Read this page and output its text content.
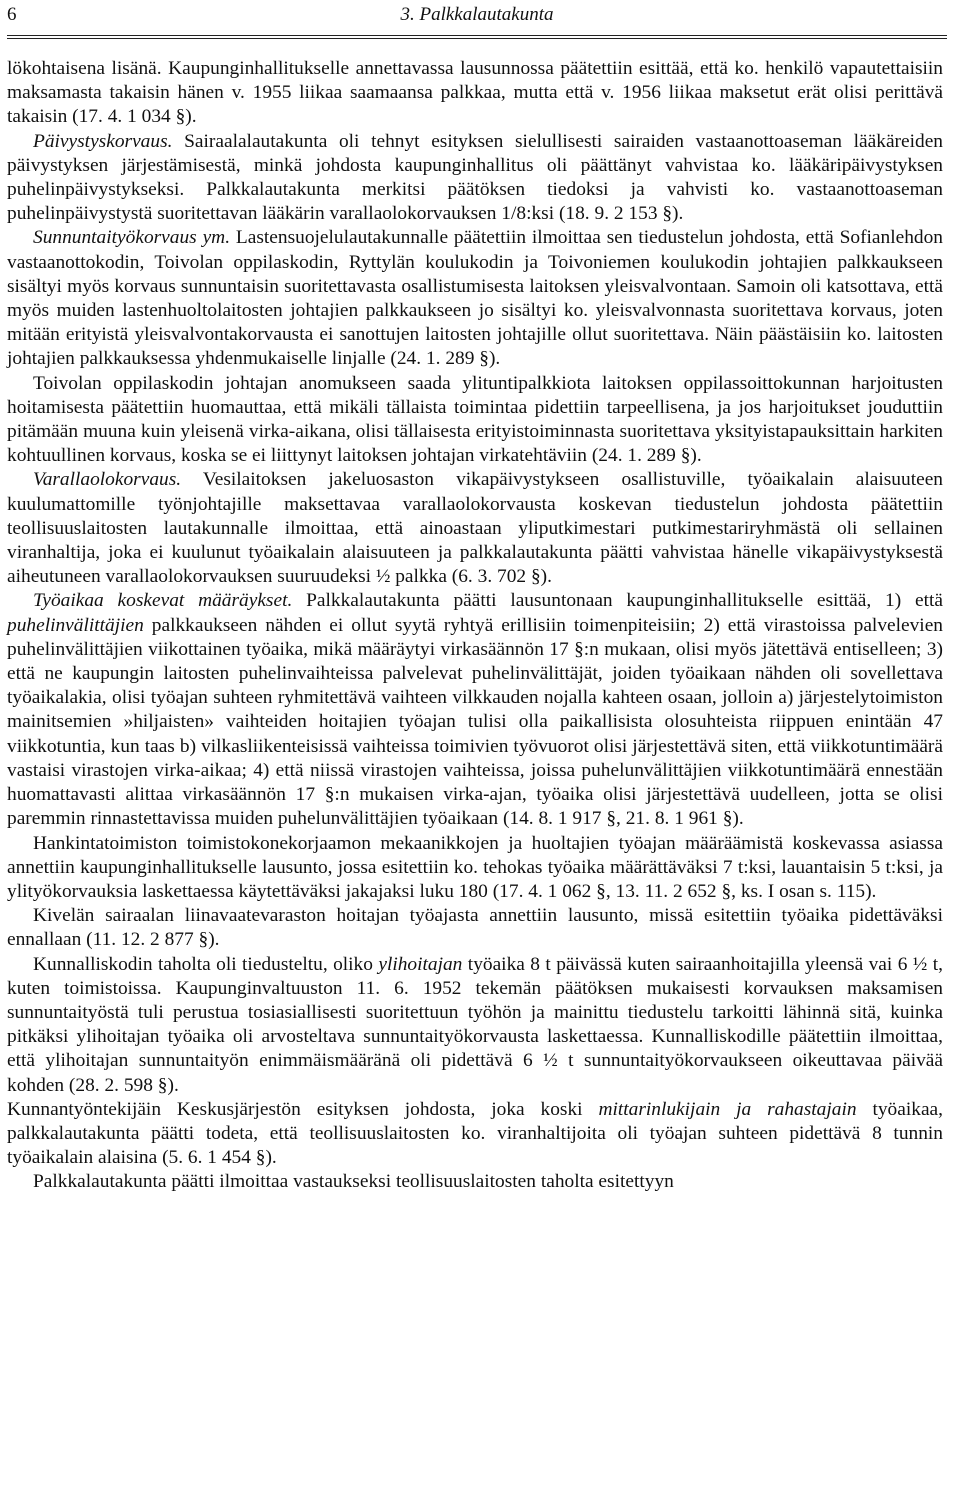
6	3. Palkkalautakunta

lökohtaisena lisänä. Kaupunginhallitukselle annettavassa lausunnossa päätettiin esittää, että ko. henkilö vapautettaisiin maksamasta takaisin hänen v. 1955 liikaa saamaansa palkkaa, mutta että v. 1956 liikaa maksetut erät olisi perittävä takaisin (17. 4. 1 034 §).

Päivystyskorvaus. Sairaalalautakunta oli tehnyt esityksen sielullisesti sairaiden vastaanottoaseman lääkäreiden päivystyksen järjestämisestä, minkä johdosta kaupunginhallitus oli päättänyt vahvistaa ko. lääkäripäivystyksen puhelinpäivystykseksi. Palkkalautakunta merkitsi päätöksen tiedoksi ja vahvisti ko. vastaanottoaseman puhelinpäivystystä suoritettavan lääkärin varallaolokorvauksen 1/8:ksi (18. 9. 2 153 §).

Sunnuntaityökorvaus ym. Lastensuojelulautakunnalle päätettiin ilmoittaa sen tiedustelun johdosta, että Sofianlehdon vastaanottokodin, Toivolan oppilaskodin, Ryttylän koulukodin ja Toivoniemen koulukodin johtajien palkkaukseen sisältyi myös korvaus sunnuntaisin suoritettavasta osallistumisesta laitoksen yleisvalvontaan. Samoin oli katsottava, että myös muiden lastenhuoltolaitosten johtajien palkkaukseen jo sisältyi ko. yleisvalvonnasta suoritettava korvaus, joten mitään erityistä yleisvalvontakorvausta ei sanottujen laitosten johtajille ollut suoritettava. Näin päästäisiin ko. laitosten johtajien palkkauksessa yhdenmukaiselle linjalle (24. 1. 289 §).

Toivolan oppilaskodin johtajan anomukseen saada ylituntipalkkiota laitoksen oppilassoittokunnan harjoitusten hoitamisesta päätettiin huomauttaa, että mikäli tällaista toimintaa pidettiin tarpeellisena, ja jos harjoitukset jouduttiin pitämään muuna kuin yleisenä virka-aikana, olisi tällaisesta erityistoiminnasta suoritettava yksityistapauksittain harkiten kohtuullinen korvaus, koska se ei liittynyt laitoksen johtajan virkatehtäviin (24. 1. 289 §).

Varallaolokorvaus. Vesilaitoksen jakeluosaston vikapäivystykseen osallistuville, työaikalain alaisuuteen kuulumattomille työnjohtajille maksettavaa varallaolokorvausta koskevan tiedustelun johdosta päätettiin teollisuuslaitosten lautakunnalle ilmoittaa, että ainoastaan yliputkimestari putkimestariryhmästä oli sellainen viranhaltija, joka ei kuulunut työaikalain alaisuuteen ja palkkalautakunta päätti vahvistaa hänelle vikapäivystyksestä aiheutuneen varallaolokorvauksen suuruudeksi ½ palkka (6. 3. 702 §).

Työaikaa koskevat määräykset. Palkkalautakunta päätti lausuntonaan kaupunginhallitukselle esittää, 1) että puhelinvälittäjien palkkaukseen nähden ei ollut syytä ryhtyä erillisiin toimenpiteisiin; 2) että virastoissa palvelevien puhelinvälittäjien viikottainen työaika, mikä määräytyi virkasäännön 17 §:n mukaan, olisi myös jätettävä entiselleen; 3) että ne kaupungin laitosten puhelinvaihteissa palvelevat puhelinvälittäjät, joiden työaikaan nähden oli sovellettava työaikalakia, olisi työajan suhteen ryhmitettävä vaihteen vilkkauden nojalla kahteen osaan, jolloin a) järjestelytoimiston mainitsemien »hiljaisten» vaihteiden hoitajien työajan tulisi olla paikallisista olosuhteista riippuen enintään 47 viikkotuntia, kun taas b) vilkasliikenteisissä vaihteissa toimivien työvuorot olisi järjestettävä siten, että viikkotuntimäärä vastaisi virastojen virka-aikaa; 4) että niissä virastojen vaihteissa, joissa puhelunvälittäjien viikkotuntimäärä ennestään huomattavasti alittaa virkasäännön 17 §:n mukaisen virka-ajan, työaika olisi järjestettävä uudelleen, jotta se olisi paremmin rinnastettavissa muiden puhelunvälittäjien työaikaan (14. 8. 1 917 §, 21. 8. 1 961 §).

Hankintatoimiston toimistokonekorjaamon mekaanikkojen ja huoltajien työajan määräämistä koskevassa asiassa annettiin kaupunginhallitukselle lausunto, jossa esitettiin ko. tehokas työaika määrättäväksi 7 t:ksi, lauantaisin 5 t:ksi, ja ylityökorvauksia laskettaessa käytettäväksi jakajaksi luku 180 (17. 4. 1 062 §, 13. 11. 2 652 §, ks. I osan s. 115).

Kivelän sairaalan liinavaatevaraston hoitajan työajasta annettiin lausunto, missä esitettiin työaika pidettäväksi ennallaan (11. 12. 2 877 §).

Kunnalliskodin taholta oli tiedusteltu, oliko ylihoitajan työaika 8 t päivässä kuten sairaanhoitajilla yleensä vai 6 ½ t, kuten toimistoissa. Kaupunginvaltuuston 11. 6. 1952 tekemän päätöksen mukaisesti korvauksen maksamisen sunnuntaityöstä tuli perustua tosiasiallisesti suoritettuun työhön ja mainittu tiedustelu tarkoitti lähinnä sitä, kuinka pitkäksi ylihoitajan työaika oli arvosteltava sunnuntaityökorvausta laskettaessa. Kunnalliskodille päätettiin ilmoittaa, että ylihoitajan sunnuntaityön enimmäismääränä oli pidettävä 6 ½ t sunnuntaityökorvaukseen oikeuttavaa päivää kohden (28. 2. 598 §).

Kunnantyöntekijäin Keskusjärjestön esityksen johdosta, joka koski mittarinlukijain ja rahastajain työaikaa, palkkalautakunta päätti todeta, että teollisuuslaitosten ko. viranhaltijoita oli työajan suhteen pidettävä 8 tunnin työaikalain alaisina (5. 6. 1 454 §).

Palkkalautakunta päätti ilmoittaa vastaukseksi teollisuuslaitosten taholta esitettyyn
